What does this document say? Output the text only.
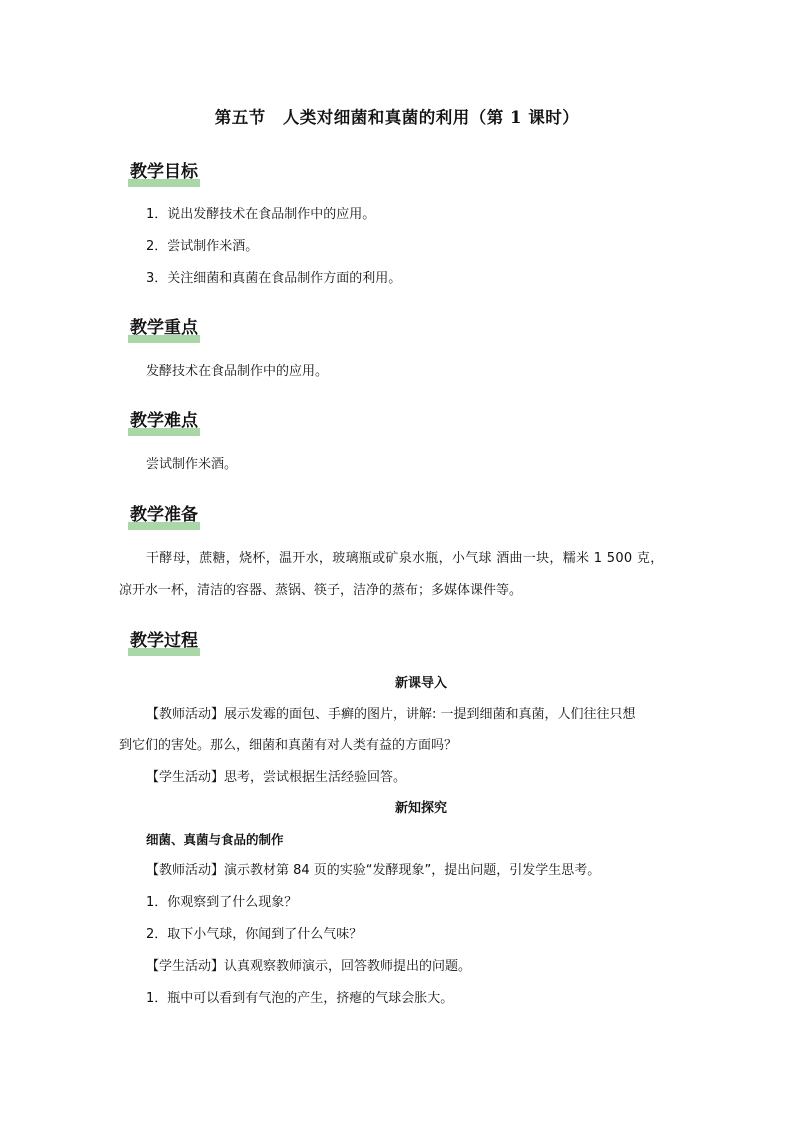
第五节　人类对细菌和真菌的利用（第 1 课时）
教学目标
1．说出发酵技术在食品制作中的应用。
2．尝试制作米酒。
3．关注细菌和真菌在食品制作方面的利用。
教学重点
发酵技术在食品制作中的应用。
教学难点
尝试制作米酒。
教学准备
干酵母，蔗糖，烧杯，温开水，玻璃瓶或矿泉水瓶，小气球 酒曲一块，糯米 1 500 克，
凉开水一杯，清洁的容器、蒸锅、筷子，洁净的蒸布；多媒体课件等。
教学过程
新课导入
【教师活动】展示发霉的面包、手癣的图片，讲解: 一提到细菌和真菌，人们往往只想
到它们的害处。那么，细菌和真菌有对人类有益的方面吗？
【学生活动】思考，尝试根据生活经验回答。
新知探究
细菌、真菌与食品的制作
【教师活动】演示教材第 84 页的实验“发酵现象”，提出问题，引发学生思考。
1．你观察到了什么现象？
2．取下小气球，你闻到了什么气味？
【学生活动】认真观察教师演示，回答教师提出的问题。
1．瓶中可以看到有气泡的产生，挤瘪的气球会胀大。
